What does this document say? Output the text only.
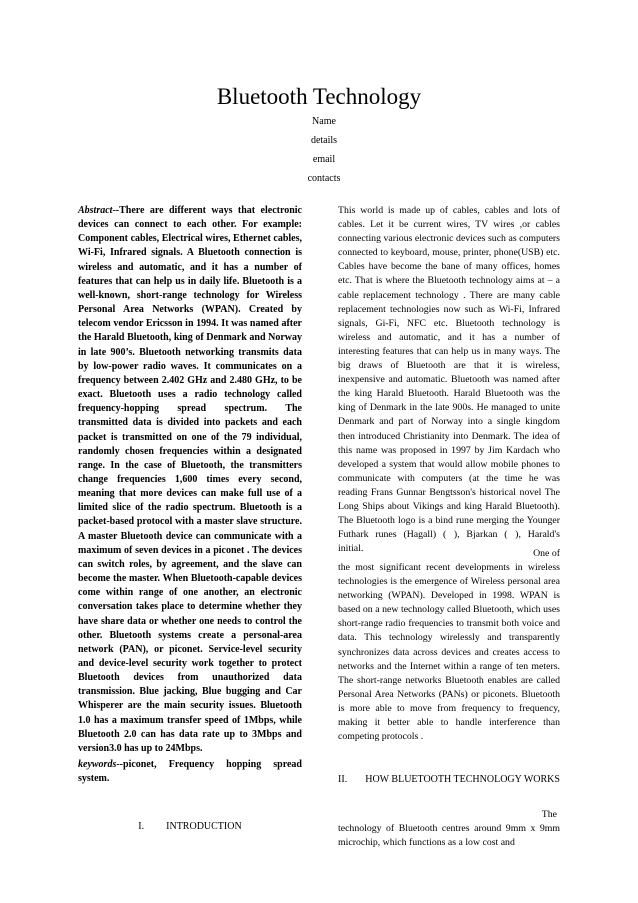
Bluetooth Technology
Name
details
email
contacts
Abstract--There are different ways that electronic devices can connect to each other. For example: Component cables, Electrical wires, Ethernet cables, Wi-Fi, Infrared signals. A Bluetooth connection is wireless and automatic, and it has a number of features that can help us in daily life. Bluetooth is a well-known, short-range technology for Wireless Personal Area Networks (WPAN). Created by telecom vendor Ericsson in 1994. It was named after the Harald Bluetooth, king of Denmark and Norway in late 900’s. Bluetooth networking transmits data by low-power radio waves. It communicates on a frequency between 2.402 GHz and 2.480 GHz, to be exact. Bluetooth uses a radio technology called frequency-hopping spread spectrum. The transmitted data is divided into packets and each packet is transmitted on one of the 79 individual, randomly chosen frequencies within a designated range. In the case of Bluetooth, the transmitters change frequencies 1,600 times every second, meaning that more devices can make full use of a limited slice of the radio spectrum. Bluetooth is a packet-based protocol with a master slave structure. A master Bluetooth device can communicate with a maximum of seven devices in a piconet . The devices can switch roles, by agreement, and the slave can become the master. When Bluetooth-capable devices come within range of one another, an electronic conversation takes place to determine whether they have share data or whether one needs to control the other. Bluetooth systems create a personal-area network (PAN), or piconet. Service-level security and device-level security work together to protect Bluetooth devices from unauthorized data transmission. Blue jacking, Blue bugging and Car Whisperer are the main security issues. Bluetooth 1.0 has a maximum transfer speed of 1Mbps, while Bluetooth 2.0 can has data rate up to 3Mbps and version3.0 has up to 24Mbps.
keywords--piconet, Frequency hopping spread system.
I. INTRODUCTION
This world is made up of cables, cables and lots of cables. Let it be current wires, TV wires ,or cables connecting various electronic devices such as computers connected to keyboard, mouse, printer, phone(USB) etc. Cables have become the bane of many offices, homes etc. That is where the Bluetooth technology aims at – a cable replacement technology . There are many cable replacement technologies now such as Wi-Fi, Infrared signals, Gi-Fi, NFC etc. Bluetooth technology is wireless and automatic, and it has a number of interesting features that can help us in many ways. The big draws of Bluetooth are that it is wireless, inexpensive and automatic. Bluetooth was named after the king Harald Bluetooth. Harald Bluetooth was the king of Denmark in the late 900s. He managed to unite Denmark and part of Norway into a single kingdom then introduced Christianity into Denmark. The idea of this name was proposed in 1997 by Jim Kardach who developed a system that would allow mobile phones to communicate with computers (at the time he was reading Frans Gunnar Bengtsson's historical novel The Long Ships about Vikings and king Harald Bluetooth). The Bluetooth logo is a bind rune merging the Younger Futhark runes (Hagall) ( ), Bjarkan ( ), Harald's initial.	One of
the most significant recent developments in wireless technologies is the emergence of Wireless personal area networking (WPAN). Developed in 1998. WPAN is based on a new technology called Bluetooth, which uses short-range radio frequencies to transmit both voice and data. This technology wirelessly and transparently synchronizes data across devices and creates access to networks and the Internet within a range of ten meters. The short-range networks Bluetooth enables are called Personal Area Networks (PANs) or piconets. Bluetooth is more able to move from frequency to frequency, making it better able to handle interference than competing protocols .
II. HOW BLUETOOTH TECHNOLOGY WORKS
The
technology of Bluetooth centres around 9mm x 9mm microchip, which functions as a low cost and
